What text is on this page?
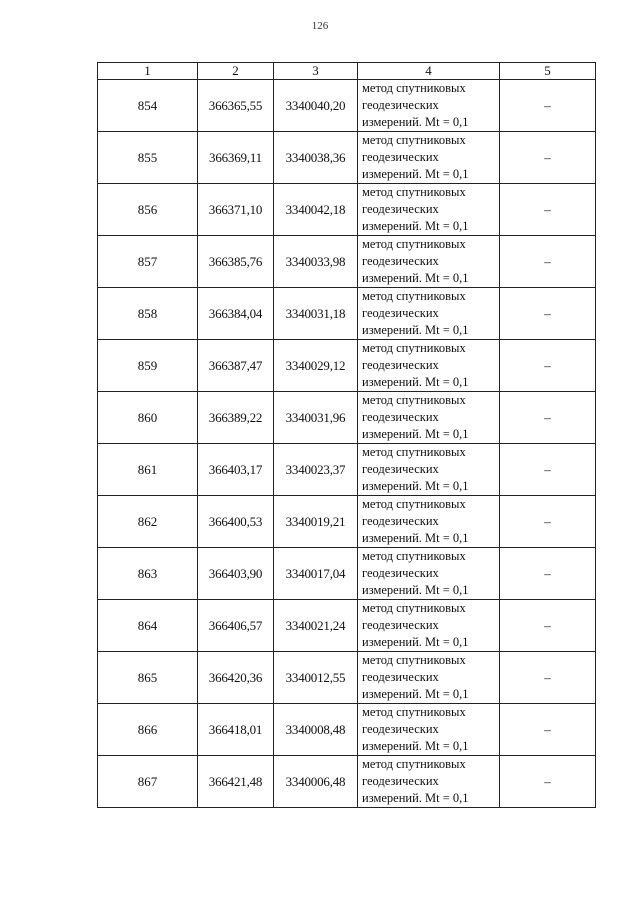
126
1	2	3	4	5
854	366365,55	3340040,20	метод спутниковых
геодезических
измерений. Mt = 0,1	–
855	366369,11	3340038,36	метод спутниковых
геодезических
измерений. Mt = 0,1	–
856	366371,10	3340042,18	метод спутниковых
геодезических
измерений. Mt = 0,1	–
857	366385,76	3340033,98	метод спутниковых
геодезических
измерений. Mt = 0,1	–
858	366384,04	3340031,18	метод спутниковых
геодезических
измерений. Mt = 0,1	–
859	366387,47	3340029,12	метод спутниковых
геодезических
измерений. Mt = 0,1	–
860	366389,22	3340031,96	метод спутниковых
геодезических
измерений. Mt = 0,1	–
861	366403,17	3340023,37	метод спутниковых
геодезических
измерений. Mt = 0,1	–
862	366400,53	3340019,21	метод спутниковых
геодезических
измерений. Mt = 0,1	–
863	366403,90	3340017,04	метод спутниковых
геодезических
измерений. Mt = 0,1	–
864	366406,57	3340021,24	метод спутниковых
геодезических
измерений. Mt = 0,1	–
865	366420,36	3340012,55	метод спутниковых
геодезических
измерений. Mt = 0,1	–
866	366418,01	3340008,48	метод спутниковых
геодезических
измерений. Mt = 0,1	–
867	366421,48	3340006,48	метод спутниковых
геодезических
измерений. Mt = 0,1	–
